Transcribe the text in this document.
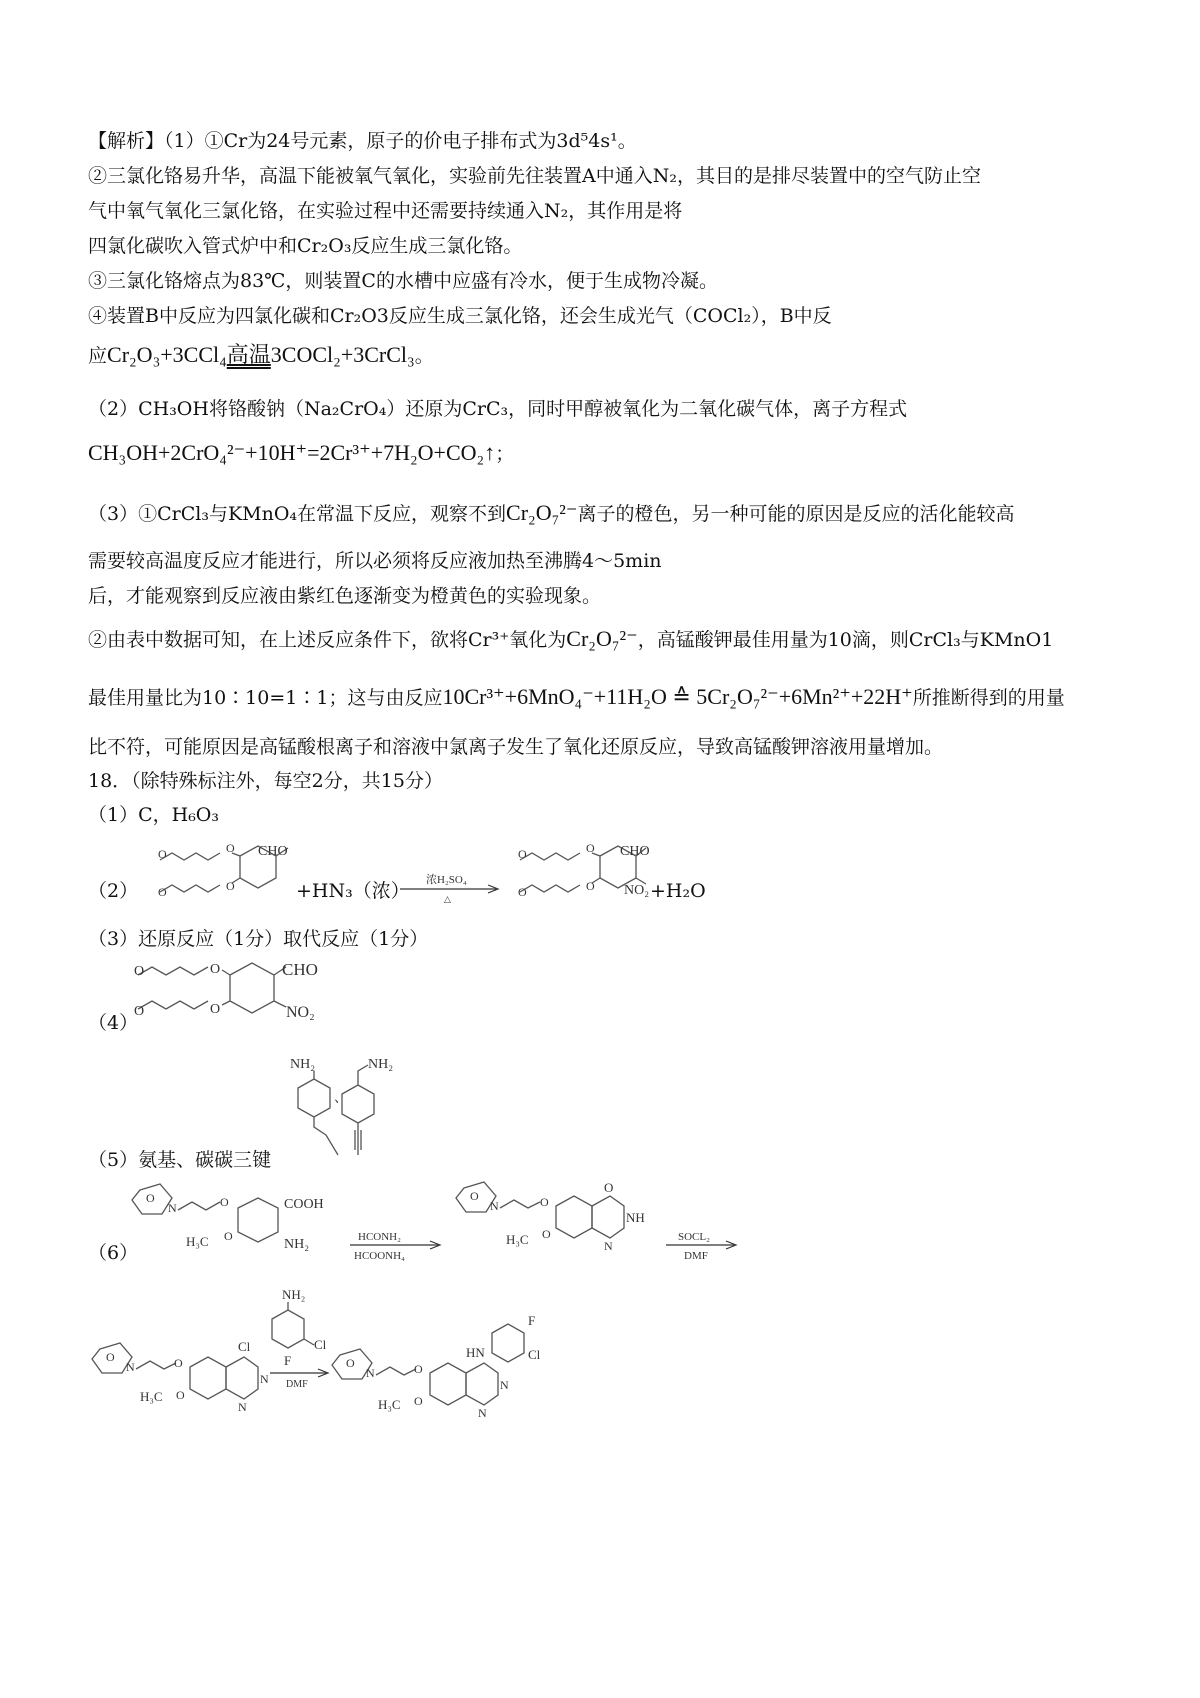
【解析】（1）①Cr为24号元素，原子的价电子排布式为3d⁵4s¹。
②三氯化铬易升华，高温下能被氧气氧化，实验前先往装置A中通入N₂，其目的是排尽装置中的空气防止空
气中氧气氧化三氯化铬，在实验过程中还需要持续通入N₂，其作用是将
四氯化碳吹入管式炉中和Cr₂O₃反应生成三氯化铬。
③三氯化铬熔点为83℃，则装置C的水槽中应盛有冷水，便于生成物冷凝。
④装置B中反应为四氯化碳和Cr₂O3反应生成三氯化铬，还会生成光气（COCl₂），B中反
应Cr₂O₃+3CCl₄高温3COCl₂+3CrCl₃。
（2）CH₃OH将铬酸钠（Na₂CrO₄）还原为CrC₃，同时甲醇被氧化为二氧化碳气体，离子方程式
CH₃OH+2CrO₄²⁻+10H⁺=2Cr³⁺+7H₂O+CO₂↑；
（3）①CrCl₃与KMnO₄在常温下反应，观察不到Cr₂O₇²⁻离子的橙色，另一种可能的原因是反应的活化能较高
需要较高温度反应才能进行，所以必须将反应液加热至沸腾4～5min
后，才能观察到反应液由紫红色逐渐变为橙黄色的实验现象。
②由表中数据可知，在上述反应条件下，欲将Cr³⁺氧化为Cr₂O₇²⁻，高锰酸钾最佳用量为10滴，则CrCl₃与KMnO1
最佳用量比为10∶10=1∶1；这与由反应10Cr³⁺+6MnO₄⁻+11H₂O ≙ 5Cr₂O₇²⁻+6Mn²⁺+22H⁺所推断得到的用量
比不符，可能原因是高锰酸根离子和溶液中氯离子发生了氧化还原反应，导致高锰酸钾溶液用量增加。
18．（除特殊标注外，每空2分，共15分）
（1）C，H₆O₃
（2）
O	O
O
O
CHO
+HN₃（浓） 浓H₂SO₄
△
O	O
O
O
CHO
NO₂ +H₂O
（3）还原反应（1分）取代反应（1分）
（4）
O	O
O
O
CHO
NO₂
NH₂
、
NH₂
（5）氨基、碳碳三键
（6）
O
N	O
H₃C O
COOH
NH₂	HCONH₂
HCOONH₄
O
N	O
O
NH
H₃C O
N
SOCL₂
DMF
O
N	O
Cl
N
H₃C O
N
NH₂
Cl
F
DMF
O
N	O
HN
F
Cl
N
H₃C O
N
